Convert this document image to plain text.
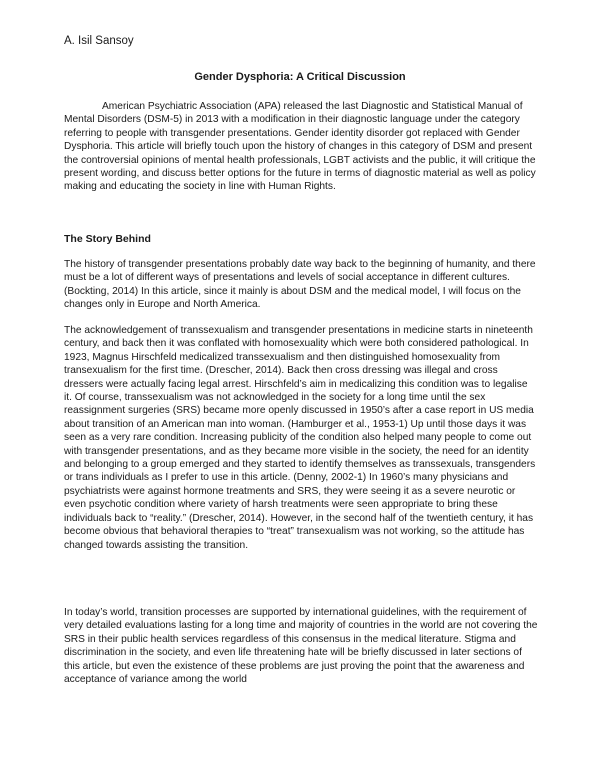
A. Isil Sansoy

Gender Dysphoria: A Critical Discussion

American Psychiatric Association (APA) released the last Diagnostic and Statistical Manual of Mental Disorders (DSM-5) in 2013 with a modification in their diagnostic language under the category referring to people with transgender presentations. Gender identity disorder got replaced with Gender Dysphoria. This article will briefly touch upon the history of changes in this category of DSM and present the controversial opinions of mental health professionals, LGBT activists and the public, it will critique the present wording, and discuss better options for the future in terms of diagnostic material as well as policy making and educating the society in line with Human Rights.

The Story Behind

The history of transgender presentations probably date way back to the beginning of humanity, and there must be a lot of different ways of presentations and levels of social acceptance in different cultures. (Bockting, 2014) In this article, since it mainly is about DSM and the medical model, I will focus on the changes only in Europe and North America.

The acknowledgement of transsexualism and transgender presentations in medicine starts in nineteenth century, and back then it was conflated with homosexuality which were both considered pathological. In 1923, Magnus Hirschfeld medicalized transsexualism and then distinguished homosexuality from transexualism for the first time. (Drescher, 2014). Back then cross dressing was illegal and cross dressers were actually facing legal arrest. Hirschfeld’s aim in medicalizing this condition was to legalise it. Of course, transsexualism was not acknowledged in the society for a long time until the sex reassignment surgeries (SRS) became more openly discussed in 1950’s after a case report in US media about transition of an American man into woman. (Hamburger et al., 1953-1) Up until those days it was seen as a very rare condition. Increasing publicity of the condition also helped many people to come out with transgender presentations, and as they became more visible in the society, the need for an identity and belonging to a group emerged and they started to identify themselves as transsexuals, transgenders or trans individuals as I prefer to use in this article. (Denny, 2002-1) In 1960’s many physicians and psychiatrists were against hormone treatments and SRS, they were seeing it as a severe neurotic or even psychotic condition where variety of harsh treatments were seen appropriate to bring these individuals back to “reality.” (Drescher, 2014). However, in the second half of the twentieth century, it has become obvious that behavioral therapies to “treat” transexualism was not working, so the attitude has changed towards assisting the transition.

In today’s world, transition processes are supported by international guidelines, with the requirement of very detailed evaluations lasting for a long time and majority of countries in the world are not covering the SRS in their public health services regardless of this consensus in the medical literature. Stigma and discrimination in the society, and even life threatening hate will be briefly discussed in later sections of this article, but even the existence of these problems are just proving the point that the awareness and acceptance of variance among the world
